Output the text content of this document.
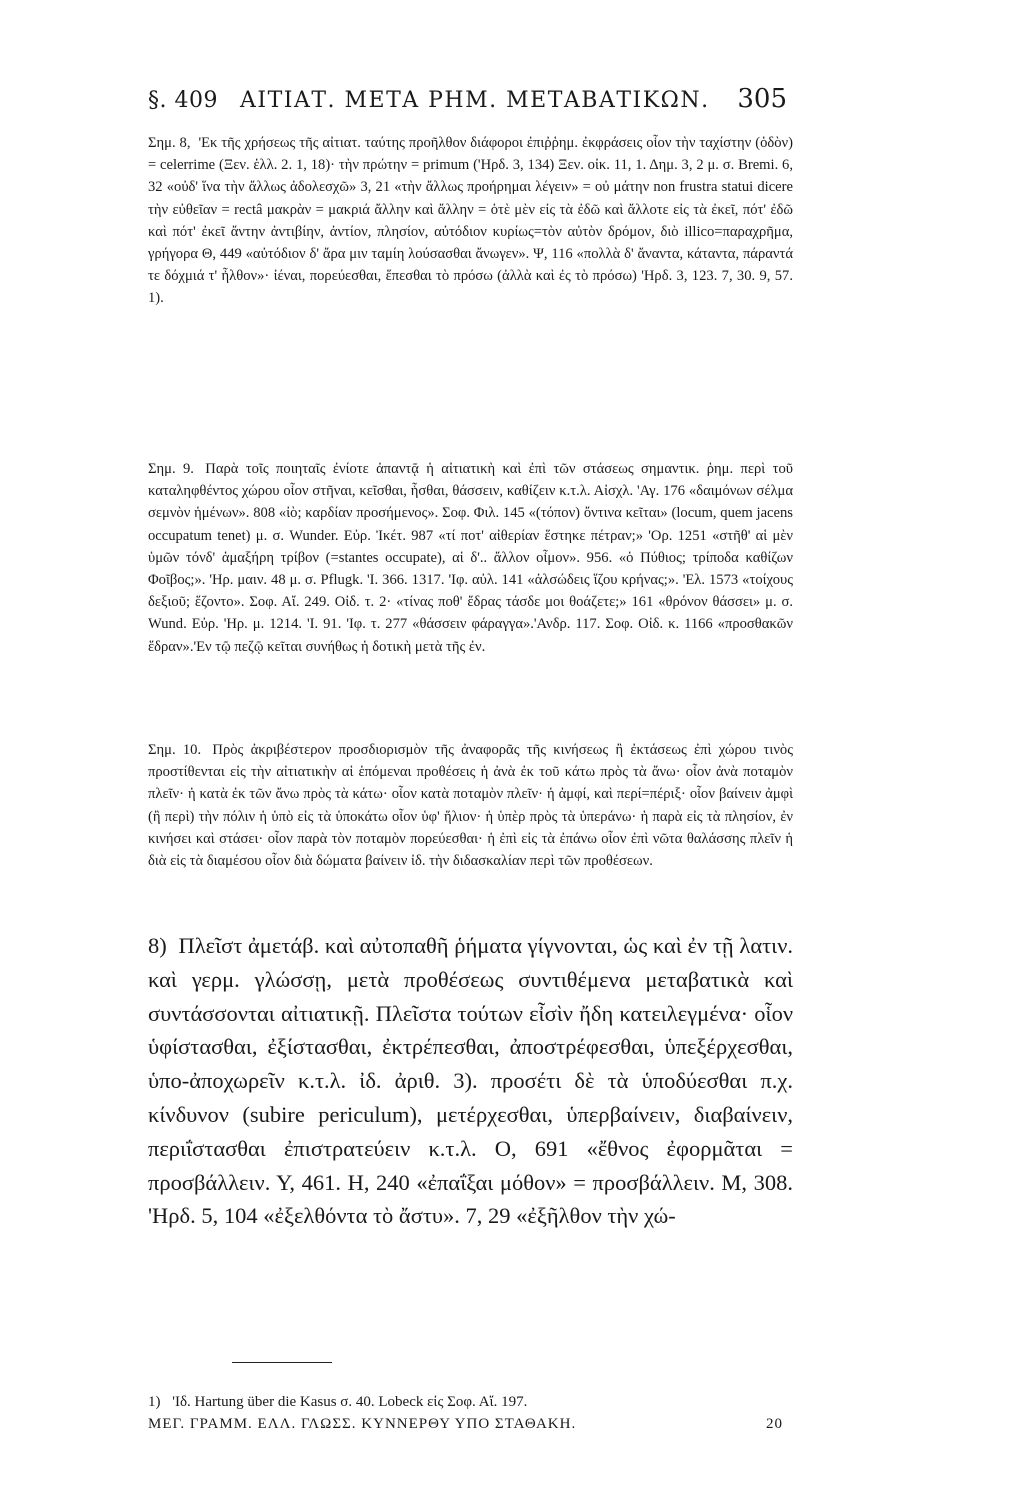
§. 409 ΑΙΤΙΑΤ. ΜΕΤΑ ΡΗΜ. ΜΕΤΑΒΑΤΙΚΩΝ. 305

Σημ. 8, 'Εκ τῆς χρήσεως τῆς αἰτιατ. ταύτης προῆλθον διάφοροι ἐπιῤῥημ. ἐκφράσεις οἷον τὴν ταχίστην (ὁδὸν) = celerrime (Ξεν. ἑλλ. 2. 1, 18)· τὴν πρώτην = primum ('Ηρδ. 3, 134) Ξεν. οἰκ. 11, 1. Δημ. 3, 2 μ. σ. Bremi. 6, 32 «οὐδ' ἵνα τὴν ἄλλως ἀδολεσχῶ» 3, 21 «τὴν ἄλλως προήρημαι λέγειν» = οὐ μάτην non frustra statui dicere τὴν εὐθεῖαν = rectâ μακρὰν = μακριά ἄλλην καὶ ἄλλην = ὁτὲ μὲν εἰς τὰ ἐδῶ καὶ ἄλλοτε εἰς τὰ ἐκεῖ, πότ' ἐδῶ καὶ πότ' ἐκεῖ ἄντην ἀντιβίην, ἀντίον, πλησίον, αὐτόδιον κυρίως=τὸν αὐτὸν δρόμον, διὸ illico=παραχρῆμα, γρήγορα Θ, 449 «αὐτόδιον δ' ἄρα μιν ταμίη λούσασθαι ἄνωγεν». Ψ, 116 «πολλὰ δ' ἄναντα, κάταντα, πάραντά τε δόχμιά τ' ἦλθον»· ἰέναι, πορεύεσθαι, ἕπεσθαι τὸ πρόσω (ἀλλὰ καὶ ἐς τὸ πρόσω) 'Ηρδ. 3, 123. 7, 30. 9, 57. 1).

Σημ. 9. Παρὰ τοῖς ποιηταῖς ἐνίοτε ἀπαντᾷ ἡ αἰτιατικὴ καὶ ἐπὶ τῶν στάσεως σημαντικ. ῥημ. περὶ τοῦ καταληφθέντος χώρου οἷον στῆναι, κεῖσθαι, ἧσθαι, θάσσειν, καθίζειν κ.τ.λ. Αἰσχλ. 'Αγ. 176 «δαιμόνων σέλμα σεμνὸν ἡμένων». 808 «ἰὸ; καρδίαν προσήμενος». Σοφ. Φιλ. 145 «(τόπον) ὄντινα κεῖται» (locum, quem jacens occupatum tenet) μ. σ. Wunder. Εὐρ. Ἰκέτ. 987 «τί ποτ' αἰθερίαν ἕστηκε πέτραν;» 'Ορ. 1251 «στῆθ' αἱ μὲν ὑμῶν τόνδ' ἁμαξήρη τρίβον (=stantes occupate), αἱ δ'.. ἄλλον οἶμον». 956. «ὁ Πύθιος; τρίποδα καθίζων Φοῖβος;». 'Ηρ. μαιν. 48 μ. σ. Pflugk. 'Ι. 366. 1317. 'Ιφ. αὐλ. 141 «ἀλσώδεις ἵζου κρήνας;». 'Ελ. 1573 «τοίχους δεξιοῦ; ἕζοντο». Σοφ. Αἴ. 249. Οἰδ. τ. 2· «τίνας ποθ' ἕδρας τάσδε μοι θοάζετε;» 161 «θρόνον θάσσει» μ. σ. Wund. Εὐρ. 'Ηρ. μ. 1214. 'Ι. 91. 'Ιφ. τ. 277 «θάσσειν φάραγγα».'Ανδρ. 117. Σοφ. Οἰδ. κ. 1166 «προσθακῶν ἕδραν».'Εν τῷ πεζῷ κεῖται συνήθως ἡ δοτικὴ μετὰ τῆς ἐν.

Σημ. 10. Πρὸς ἀκριβέστερον προσδιορισμὸν τῆς ἀναφορᾶς τῆς κινήσεως ἢ ἐκτάσεως ἐπὶ χώρου τινὸς προστίθενται εἰς τὴν αἰτιατικὴν αἱ ἑπόμεναι προθέσεις ἡ ἀνὰ ἐκ τοῦ κάτω πρὸς τὰ ἄνω· οἷον ἀνὰ ποταμὸν πλεῖν· ἡ κατὰ ἐκ τῶν ἄνω πρὸς τὰ κάτω· οἷον κατὰ ποταμὸν πλεῖν· ἡ ἀμφί, καὶ περί=πέριξ· οἷον βαίνειν ἀμφὶ (ἢ περὶ) τὴν πόλιν ἡ ὑπὸ εἰς τὰ ὑποκάτω οἷον ὑφ' ἥλιον· ἡ ὑπὲρ πρὸς τὰ ὑπεράνω· ἡ παρὰ εἰς τὰ πλησίον, ἐν κινήσει καὶ στάσει· οἷον παρὰ τὸν ποταμὸν πορεύεσθαι· ἡ ἐπὶ εἰς τὰ ἐπάνω οἷον ἐπὶ νῶτα θαλάσσης πλεῖν ἡ διὰ εἰς τὰ διαμέσου οἷον διὰ δώματα βαίνειν ἰδ. τὴν διδασκαλίαν περὶ τῶν προθέσεων.

8) Πλεῖστ ἀμετάβ. καὶ αὐτοπαθῆ ῥήματα γίγνονται, ὡς καὶ ἐν τῇ λατιν. καὶ γερμ. γλώσσῃ, μετὰ προθέσεως συντιθέμενα μεταβατικὰ καὶ συντάσσονται αἰτιατικῇ. Πλεῖστα τούτων εἶσὶν ἤδη κατειλεγμένα· οἷον ὑφίστασθαι, ἐξίστασθαι, ἐκτρέπεσθαι, ἀποστρέφεσθαι, ὑπεξέρχεσθαι, ὑπο-ἀποχωρεῖν κ.τ.λ. ἰδ. ἀριθ. 3). προσέτι δὲ τὰ ὑποδύεσθαι π.χ. κίνδυνον (subire periculum), μετέρχεσθαι, ὑπερβαίνειν, διαβαίνειν, περιΐστασθαι ἐπιστρατεύειν κ.τ.λ. Ο, 691 «ἔθνος ἐφορμᾶται = προσβάλλειν. Υ, 461. Η, 240 «ἐπαΐξαι μόθον» = προσβάλλειν. Μ, 308. 'Ηρδ. 5, 104 «ἐξελθόντα τὸ ἄστυ». 7, 29 «ἐξῆλθον τὴν χώ-

1) 'Ιδ. Hartung über die Kasus σ. 40. Lobeck εἰς Σοφ. Αἴ. 197.
ΜΕΓ. ΓΡΑΜΜ. ΕΛΛ. ΓΛΩΣΣ. ΚΥΝΝΕΡΘΥ ΥΠΟ ΣΤΑΘΑΚΗ.	20
